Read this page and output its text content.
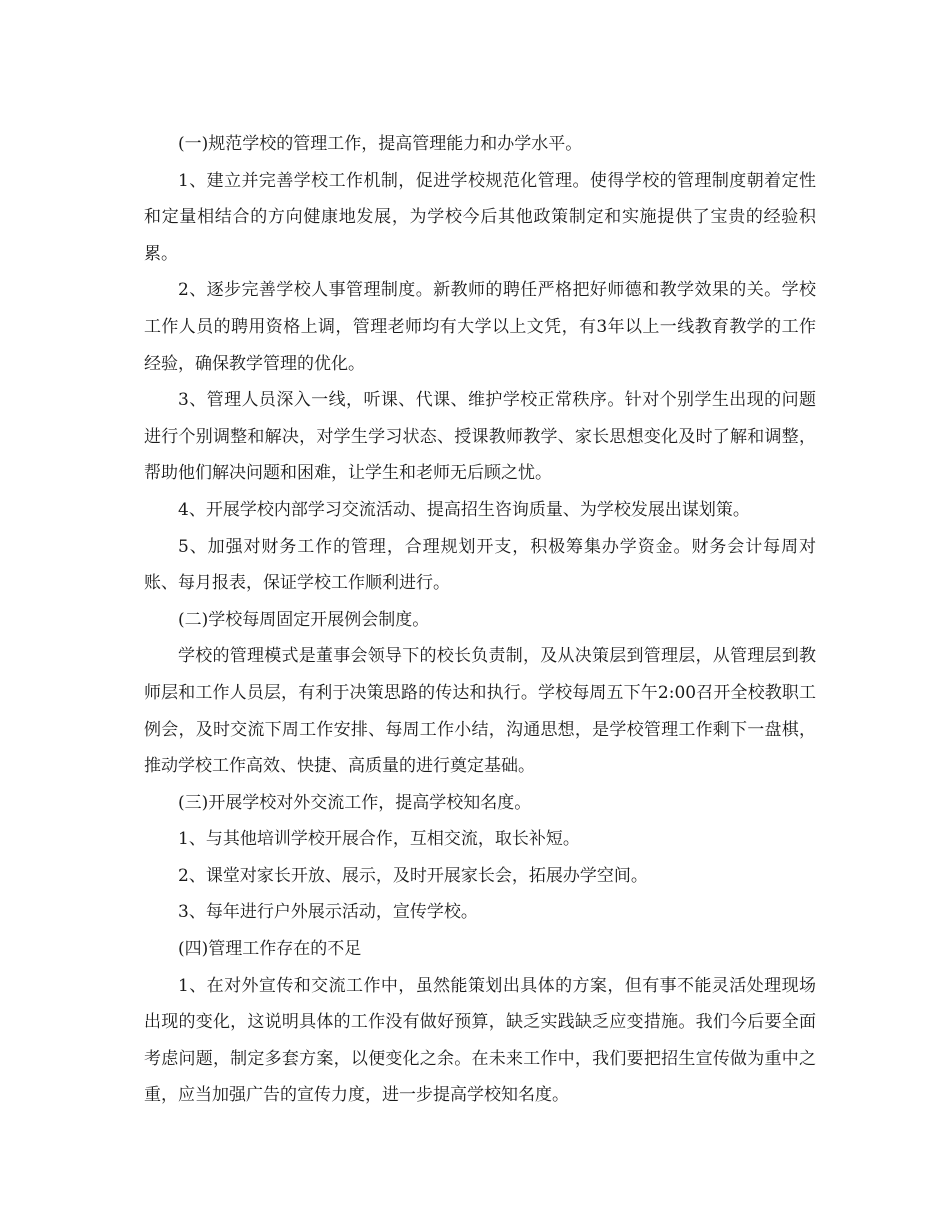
(一)规范学校的管理工作，提高管理能力和办学水平。

1、建立并完善学校工作机制，促进学校规范化管理。使得学校的管理制度朝着定性和定量相结合的方向健康地发展，为学校今后其他政策制定和实施提供了宝贵的经验积累。

2、逐步完善学校人事管理制度。新教师的聘任严格把好师德和教学效果的关。学校工作人员的聘用资格上调，管理老师均有大学以上文凭，有3年以上一线教育教学的工作经验，确保教学管理的优化。

3、管理人员深入一线，听课、代课、维护学校正常秩序。针对个别学生出现的问题进行个别调整和解决，对学生学习状态、授课教师教学、家长思想变化及时了解和调整，帮助他们解决问题和困难，让学生和老师无后顾之忧。

4、开展学校内部学习交流活动、提高招生咨询质量、为学校发展出谋划策。

5、加强对财务工作的管理，合理规划开支，积极筹集办学资金。财务会计每周对账、每月报表，保证学校工作顺利进行。

(二)学校每周固定开展例会制度。

学校的管理模式是董事会领导下的校长负责制，及从决策层到管理层，从管理层到教师层和工作人员层，有利于决策思路的传达和执行。学校每周五下午2:00召开全校教职工例会，及时交流下周工作安排、每周工作小结，沟通思想，是学校管理工作剩下一盘棋，推动学校工作高效、快捷、高质量的进行奠定基础。

(三)开展学校对外交流工作，提高学校知名度。

1、与其他培训学校开展合作，互相交流，取长补短。

2、课堂对家长开放、展示，及时开展家长会，拓展办学空间。

3、每年进行户外展示活动，宣传学校。

(四)管理工作存在的不足

1、在对外宣传和交流工作中，虽然能策划出具体的方案，但有事不能灵活处理现场出现的变化，这说明具体的工作没有做好预算，缺乏实践缺乏应变措施。我们今后要全面考虑问题，制定多套方案，以便变化之余。在未来工作中，我们要把招生宣传做为重中之重，应当加强广告的宣传力度，进一步提高学校知名度。
